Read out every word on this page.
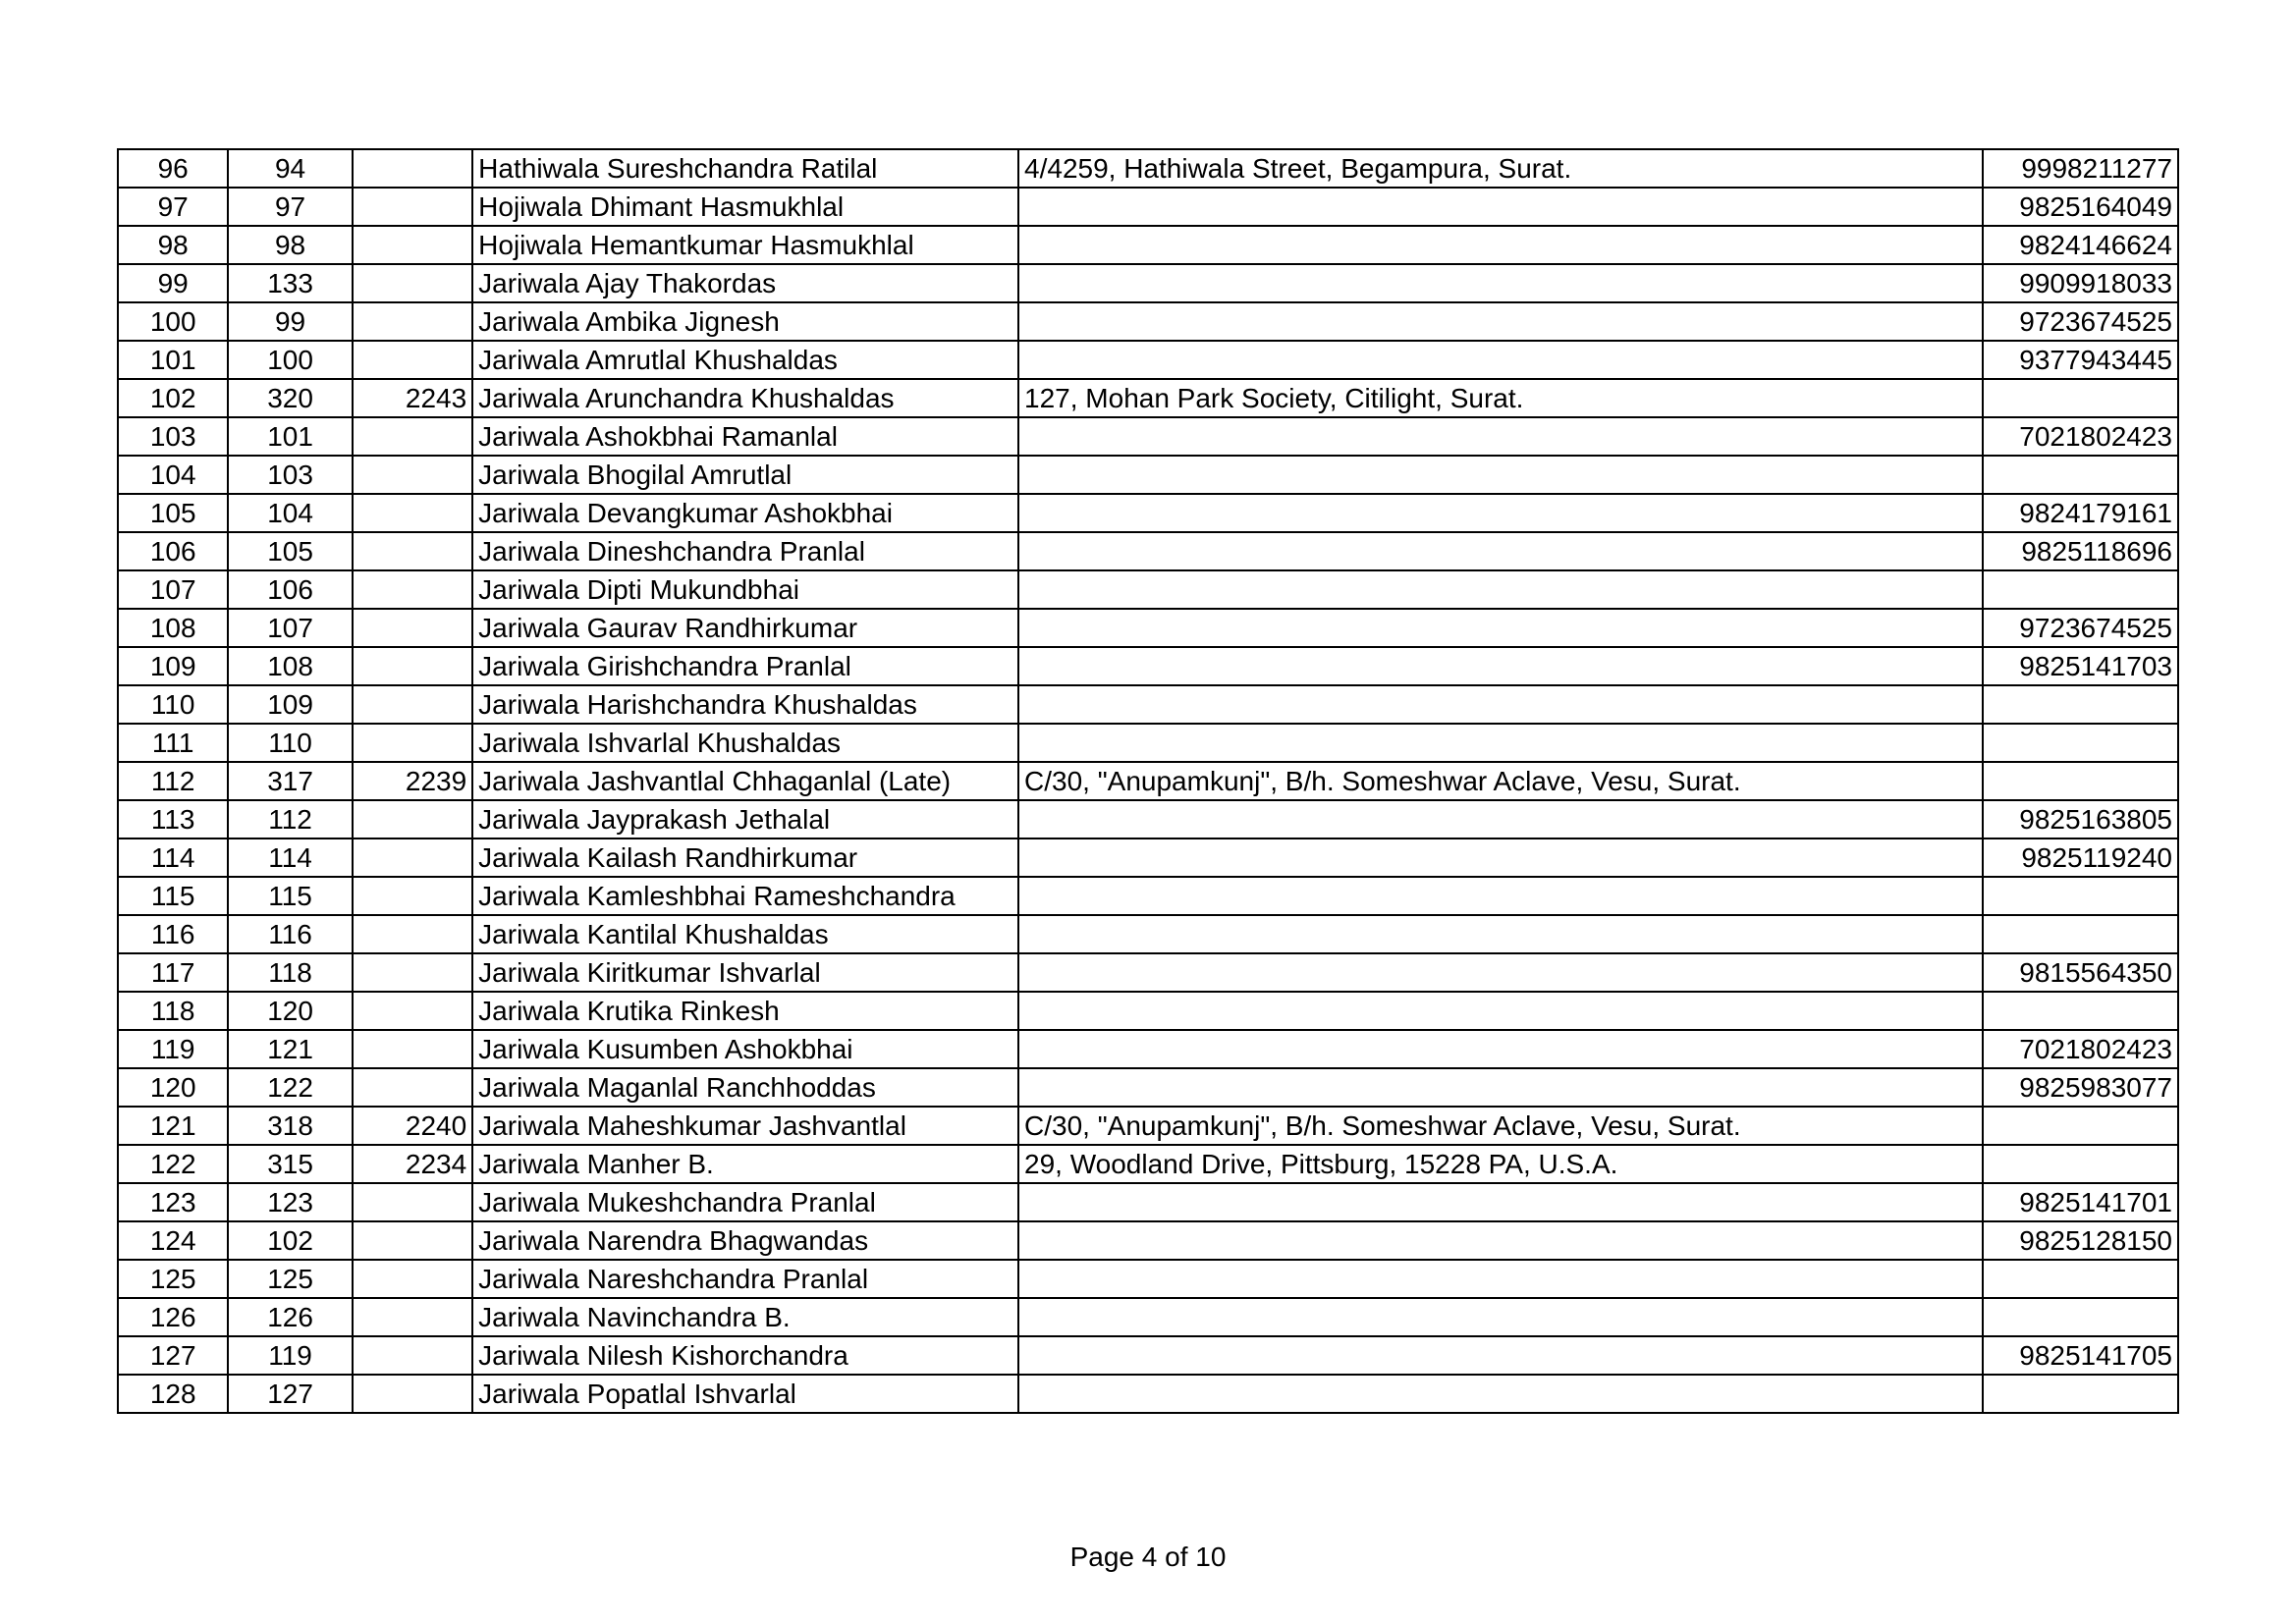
96	94		Hathiwala Sureshchandra Ratilal	4/4259, Hathiwala Street, Begampura, Surat.	9998211277
97	97		Hojiwala Dhimant Hasmukhlal		9825164049
98	98		Hojiwala Hemantkumar Hasmukhlal		9824146624
99	133		Jariwala Ajay Thakordas		9909918033
100	99		Jariwala Ambika Jignesh		9723674525
101	100		Jariwala Amrutlal Khushaldas		9377943445
102	320	2243	Jariwala Arunchandra Khushaldas	127, Mohan Park Society, Citilight, Surat.	
103	101		Jariwala Ashokbhai Ramanlal		7021802423
104	103		Jariwala Bhogilal Amrutlal		
105	104		Jariwala Devangkumar Ashokbhai		9824179161
106	105		Jariwala Dineshchandra Pranlal		9825118696
107	106		Jariwala Dipti Mukundbhai		
108	107		Jariwala Gaurav Randhirkumar		9723674525
109	108		Jariwala Girishchandra Pranlal		9825141703
110	109		Jariwala Harishchandra Khushaldas		
111	110		Jariwala Ishvarlal Khushaldas		
112	317	2239	Jariwala Jashvantlal Chhaganlal (Late)	C/30, "Anupamkunj", B/h. Someshwar Aclave, Vesu, Surat.	
113	112		Jariwala Jayprakash Jethalal		9825163805
114	114		Jariwala Kailash Randhirkumar		9825119240
115	115		Jariwala Kamleshbhai Rameshchandra		
116	116		Jariwala Kantilal Khushaldas		
117	118		Jariwala Kiritkumar Ishvarlal		9815564350
118	120		Jariwala Krutika Rinkesh		
119	121		Jariwala Kusumben Ashokbhai		7021802423
120	122		Jariwala Maganlal Ranchhoddas		9825983077
121	318	2240	Jariwala Maheshkumar Jashvantlal	C/30, "Anupamkunj", B/h. Someshwar Aclave, Vesu, Surat.	
122	315	2234	Jariwala Manher B.	29, Woodland Drive, Pittsburg, 15228 PA, U.S.A.	
123	123		Jariwala Mukeshchandra Pranlal		9825141701
124	102		Jariwala Narendra Bhagwandas		9825128150
125	125		Jariwala Nareshchandra Pranlal		
126	126		Jariwala Navinchandra B.		
127	119		Jariwala Nilesh Kishorchandra		9825141705
128	127		Jariwala Popatlal Ishvarlal		
Page 4 of 10
